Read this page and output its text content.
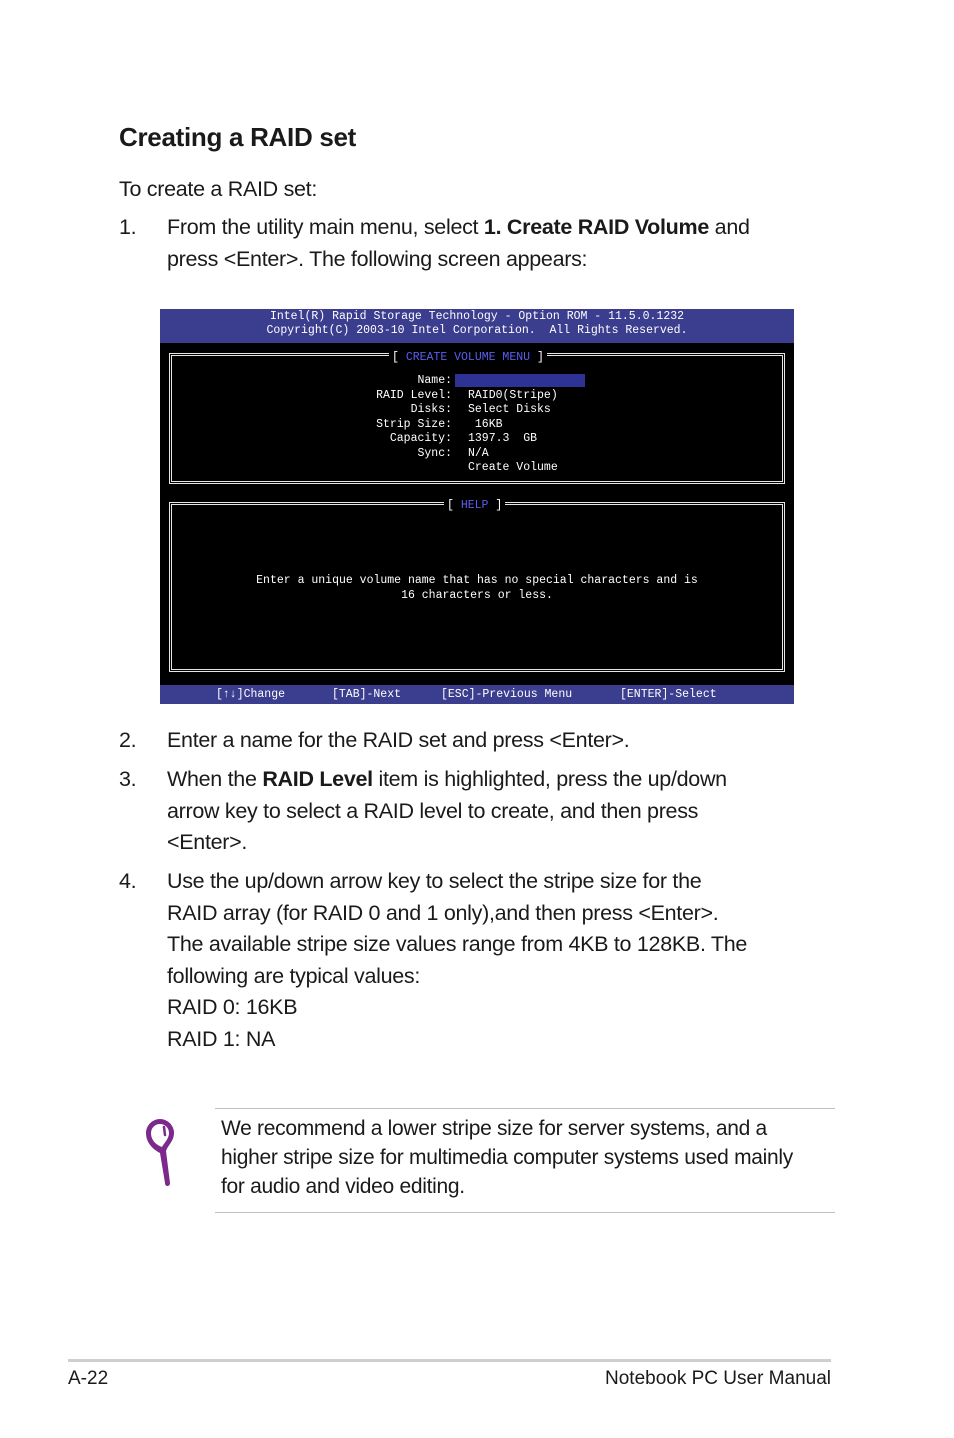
Creating a RAID set
To create a RAID set:
1. From the utility main menu, select 1. Create RAID Volume and
press <Enter>. The following screen appears:
Intel(R) Rapid Storage Technology - Option ROM - 11.5.0.1232
Copyright(C) 2003-10 Intel Corporation.  All Rights Reserved.
[ CREATE VOLUME MENU ]
Name:
RAID Level: RAID0(Stripe)
Disks: Select Disks
Strip Size: 16KB
Capacity: 1397.3  GB
Sync: N/A
Create Volume
[ HELP ]
Enter a unique volume name that has no special characters and is
16 characters or less.

[↑↓]Change

	[TAB]-Next

	[ESC]-Previous Menu

	[ENTER]-Select

2. Enter a name for the RAID set and press <Enter>.
3. When the RAID Level item is highlighted, press the up/down
arrow key to select a RAID level to create, and then press
<Enter>.
4. Use the up/down arrow key to select the stripe size for the
RAID array (for RAID 0 and 1 only),and then press <Enter>.
The available stripe size values range from 4KB to 128KB. The
following are typical values:
RAID 0: 16KB
RAID 1: NA
We recommend a lower stripe size for server systems, and a
higher stripe size for multimedia computer systems used mainly
for audio and video editing.
A-22	Notebook PC User Manual
